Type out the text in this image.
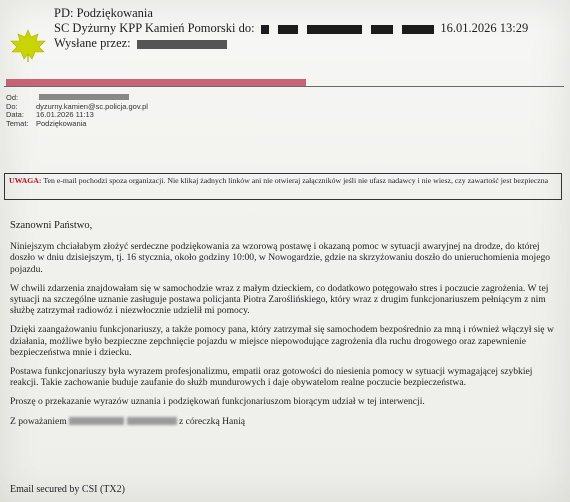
PD: Podziękowania
SC Dyżurny KPP Kamień Pomorski do:	16.01.2026 13:29
Wysłane przez:
Od:
Do:	dyzurny.kamien@sc.policja.gov.pl
Data:	16.01.2026 11:13
Temat: Podziękowania
UWAGA: Ten e-mail pochodzi spoza organizacji. Nie klikaj żadnych linków ani nie otwieraj załączników jeśli nie ufasz nadawcy i nie wiesz, czy zawartość jest bezpieczna

Szanowni Państwo,

Niniejszym chciałabym złożyć serdeczne podziękowania za wzorową postawę i okazaną pomoc w sytuacji awaryjnej na drodze, do której doszło w dniu dzisiejszym, tj. 16 stycznia, około godziny 10:00, w Nowogardzie, gdzie na skrzyżowaniu doszło do unieruchomienia mojego pojazdu.

W chwili zdarzenia znajdowałam się w samochodzie wraz z małym dzieckiem, co dodatkowo potęgowało stres i poczucie zagrożenia. W tej sytuacji na szczególne uznanie zasługuje postawa policjanta Piotra Zaroślińskiego, który wraz z drugim funkcjonariuszem pełniącym z nim służbę zatrzymał radiowóz i niezwłocznie udzielił mi pomocy.

Dzięki zaangażowaniu funkcjonariuszy, a także pomocy pana, który zatrzymał się samochodem bezpośrednio za mną i również włączył się w działania, możliwe było bezpieczne zepchnięcie pojazdu w miejsce niepowodujące zagrożenia dla ruchu drogowego oraz zapewnienie bezpieczeństwa mnie i dziecku.

Postawa funkcjonariuszy była wyrazem profesjonalizmu, empatii oraz gotowości do niesienia pomocy w sytuacji wymagającej szybkiej reakcji. Takie zachowanie buduje zaufanie do służb mundurowych i daje obywatelom realne poczucie bezpieczeństwa.

Proszę o przekazanie wyrazów uznania i podziękowań funkcjonariuszom biorącym udział w tej interwencji.

Z poważaniem	z córeczką Hanią

Email secured by CSI (TX2)
